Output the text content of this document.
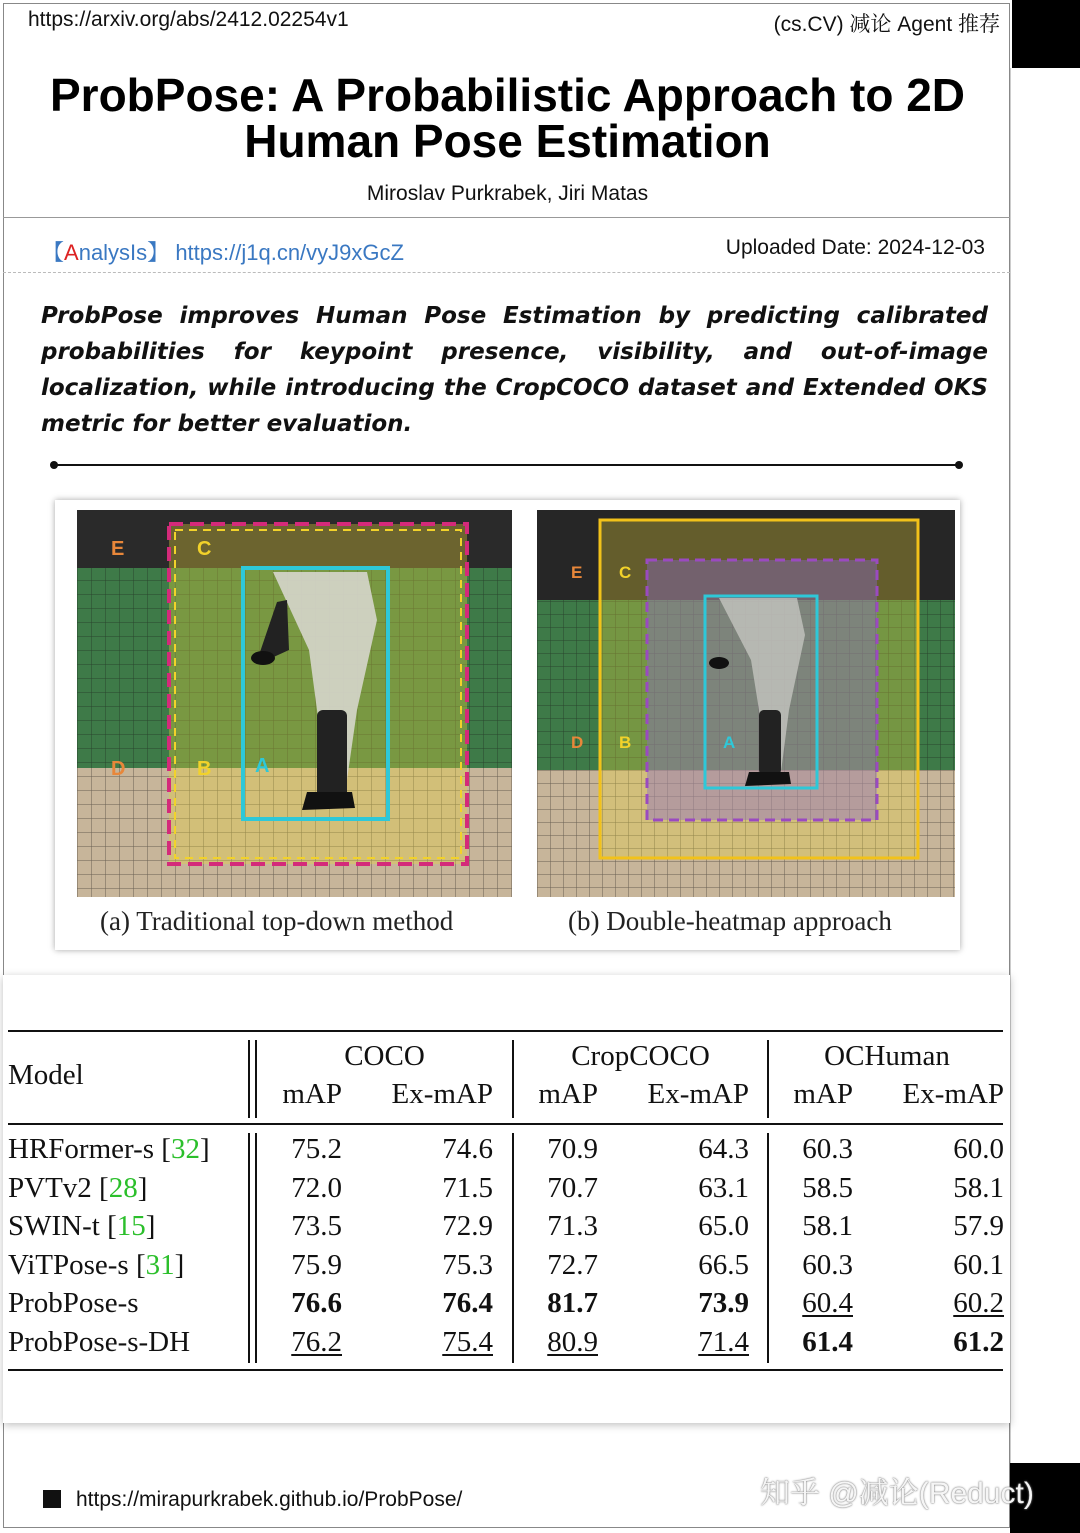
https://arxiv.org/abs/2412.02254v1	(cs.CV) 减论 Agent 推荐
ProbPose: A Probabilistic Approach to 2D
Human Pose Estimation
Miroslav Purkrabek, Jiri Matas
【AnalysIs】 https://j1q.cn/vyJ9xGcZ	Uploaded Date: 2024-12-03
ProbPose improves Human Pose Estimation by predicting calibrated probabilities for keypoint presence, visibility, and out-of-image localization, while introducing the CropCOCO dataset and Extended OKS metric for better evaluation.
E	C
D	B A
E C
D B	A
(a) Traditional top-down method	(b) Double-heatmap approach
Model
COCO	CropCOCO	OCHuman
mAP	Ex-mAP	mAP	Ex-mAP	mAP	Ex-mAP
HRFormer-s [32]	75.2	74.6	70.9	64.3	60.3	60.0
PVTv2 [28]	72.0	71.5	70.7	63.1	58.5	58.1
SWIN-t [15]	73.5	72.9	71.3	65.0	58.1	57.9
ViTPose-s [31]	75.9	75.3	72.7	66.5	60.3	60.1
ProbPose-s	76.6	76.4	81.7	73.9	60.4	60.2
ProbPose-s-DH	76.2	75.4	80.9	71.4	61.4	61.2
https://mirapurkrabek.github.io/ProbPose/	知乎 @减论(Reduct)
